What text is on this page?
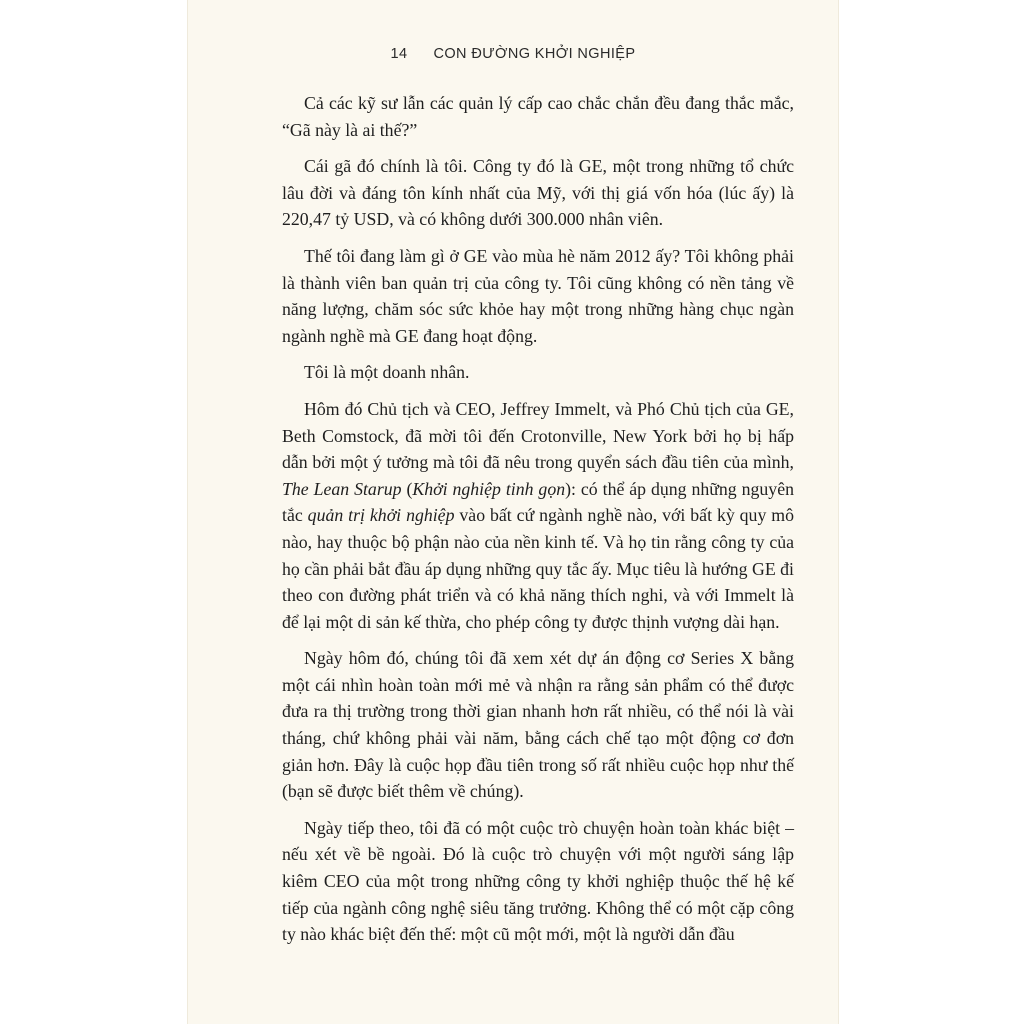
14 CON ĐƯỜNG KHỞI NGHIỆP

Cả các kỹ sư lẫn các quản lý cấp cao chắc chắn đều đang thắc mắc, “Gã này là ai thế?”

Cái gã đó chính là tôi. Công ty đó là GE, một trong những tổ chức lâu đời và đáng tôn kính nhất của Mỹ, với thị giá vốn hóa (lúc ấy) là 220,47 tỷ USD, và có không dưới 300.000 nhân viên.

Thế tôi đang làm gì ở GE vào mùa hè năm 2012 ấy? Tôi không phải là thành viên ban quản trị của công ty. Tôi cũng không có nền tảng về năng lượng, chăm sóc sức khỏe hay một trong những hàng chục ngàn ngành nghề mà GE đang hoạt động.

Tôi là một doanh nhân.

Hôm đó Chủ tịch và CEO, Jeffrey Immelt, và Phó Chủ tịch của GE, Beth Comstock, đã mời tôi đến Crotonville, New York bởi họ bị hấp dẫn bởi một ý tưởng mà tôi đã nêu trong quyển sách đầu tiên của mình, The Lean Starup (Khởi nghiệp tinh gọn): có thể áp dụng những nguyên tắc quản trị khởi nghiệp vào bất cứ ngành nghề nào, với bất kỳ quy mô nào, hay thuộc bộ phận nào của nền kinh tế. Và họ tin rằng công ty của họ cần phải bắt đầu áp dụng những quy tắc ấy. Mục tiêu là hướng GE đi theo con đường phát triển và có khả năng thích nghi, và với Immelt là để lại một di sản kế thừa, cho phép công ty được thịnh vượng dài hạn.

Ngày hôm đó, chúng tôi đã xem xét dự án động cơ Series X bằng một cái nhìn hoàn toàn mới mẻ và nhận ra rằng sản phẩm có thể được đưa ra thị trường trong thời gian nhanh hơn rất nhiều, có thể nói là vài tháng, chứ không phải vài năm, bằng cách chế tạo một động cơ đơn giản hơn. Đây là cuộc họp đầu tiên trong số rất nhiều cuộc họp như thế (bạn sẽ được biết thêm về chúng).

Ngày tiếp theo, tôi đã có một cuộc trò chuyện hoàn toàn khác biệt – nếu xét về bề ngoài. Đó là cuộc trò chuyện với một người sáng lập kiêm CEO của một trong những công ty khởi nghiệp thuộc thế hệ kế tiếp của ngành công nghệ siêu tăng trưởng. Không thể có một cặp công ty nào khác biệt đến thế: một cũ một mới, một là người dẫn đầu
